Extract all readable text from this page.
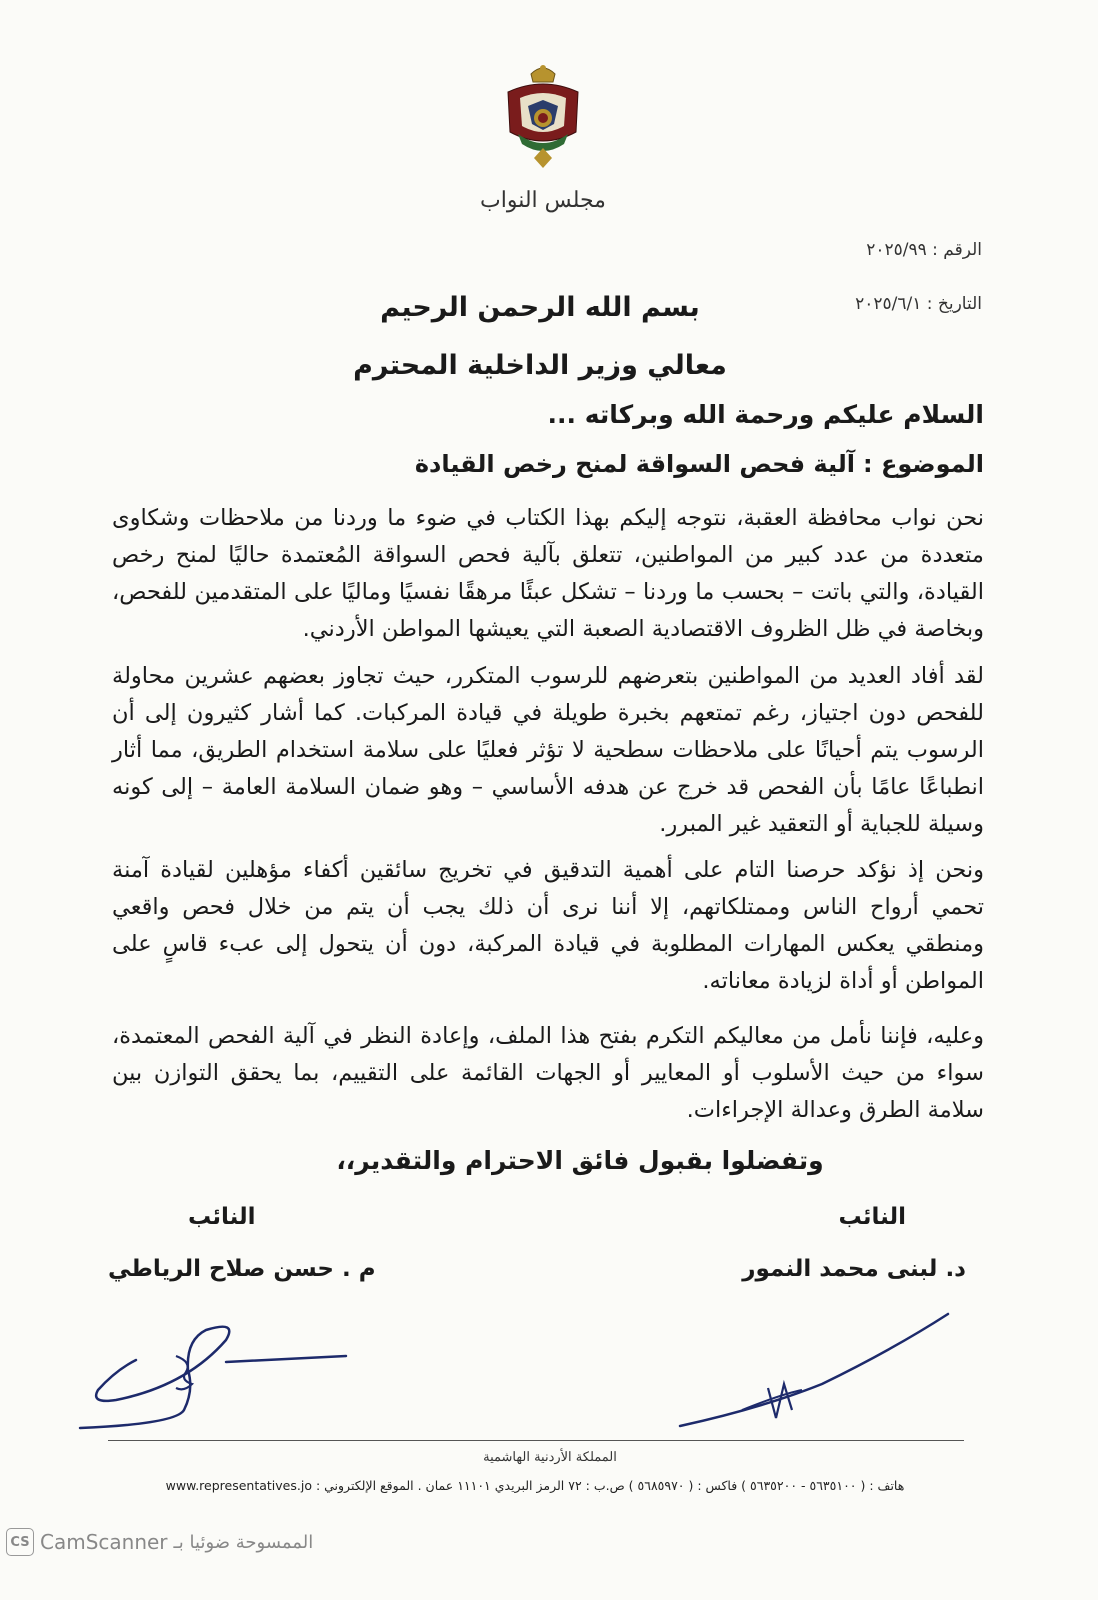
مجلس النواب
الرقم : ٢٠٢٥/٩٩
التاريخ : ٢٠٢٥/٦/١
بسم الله الرحمن الرحيم
معالي وزير الداخلية المحترم
السلام عليكم ورحمة الله وبركاته ...
الموضوع :آلية فحص السواقة لمنح رخص القيادة

نحن نواب محافظة العقبة، نتوجه إليكم بهذا الكتاب في ضوء ما وردنا من ملاحظات وشكاوى متعددة من عدد كبير من المواطنين، تتعلق بآلية فحص السواقة المُعتمدة حاليًا لمنح رخص القيادة، والتي باتت – بحسب ما وردنا – تشكل عبئًا مرهقًا نفسيًا وماليًا على المتقدمين للفحص، وبخاصة في ظل الظروف الاقتصادية الصعبة التي يعيشها المواطن الأردني.

لقد أفاد العديد من المواطنين بتعرضهم للرسوب المتكرر، حيث تجاوز بعضهم عشرين محاولة للفحص دون اجتياز، رغم تمتعهم بخبرة طويلة في قيادة المركبات. كما أشار كثيرون إلى أن الرسوب يتم أحيانًا على ملاحظات سطحية لا تؤثر فعليًا على سلامة استخدام الطريق، مما أثار انطباعًا عامًا بأن الفحص قد خرج عن هدفه الأساسي – وهو ضمان السلامة العامة – إلى كونه وسيلة للجباية أو التعقيد غير المبرر.

ونحن إذ نؤكد حرصنا التام على أهمية التدقيق في تخريج سائقين أكفاء مؤهلين لقيادة آمنة تحمي أرواح الناس وممتلكاتهم، إلا أننا نرى أن ذلك يجب أن يتم من خلال فحص واقعي ومنطقي يعكس المهارات المطلوبة في قيادة المركبة، دون أن يتحول إلى عبء قاسٍ على المواطن أو أداة لزيادة معاناته.

وعليه، فإننا نأمل من معاليكم التكرم بفتح هذا الملف، وإعادة النظر في آلية الفحص المعتمدة، سواء من حيث الأسلوب أو المعايير أو الجهات القائمة على التقييم، بما يحقق التوازن بين سلامة الطرق وعدالة الإجراءات.

وتفضلوا بقبول فائق الاحترام والتقدير،،
النائب
النائب
د. لبنى محمد النمور
م . حسن صلاح الرياطي
المملكة الأردنية الهاشمية
هاتف : ( ٥٦٣٥١٠٠ - ٥٦٣٥٢٠٠ ) فاكس : ( ٥٦٨٥٩٧٠ ) ص.ب : ٧٢ الرمز البريدي ١١١٠١ عمان . الموقع الإلكتروني : www.representatives.jo
CS CamScanner الممسوحة ضوئيا بـ
